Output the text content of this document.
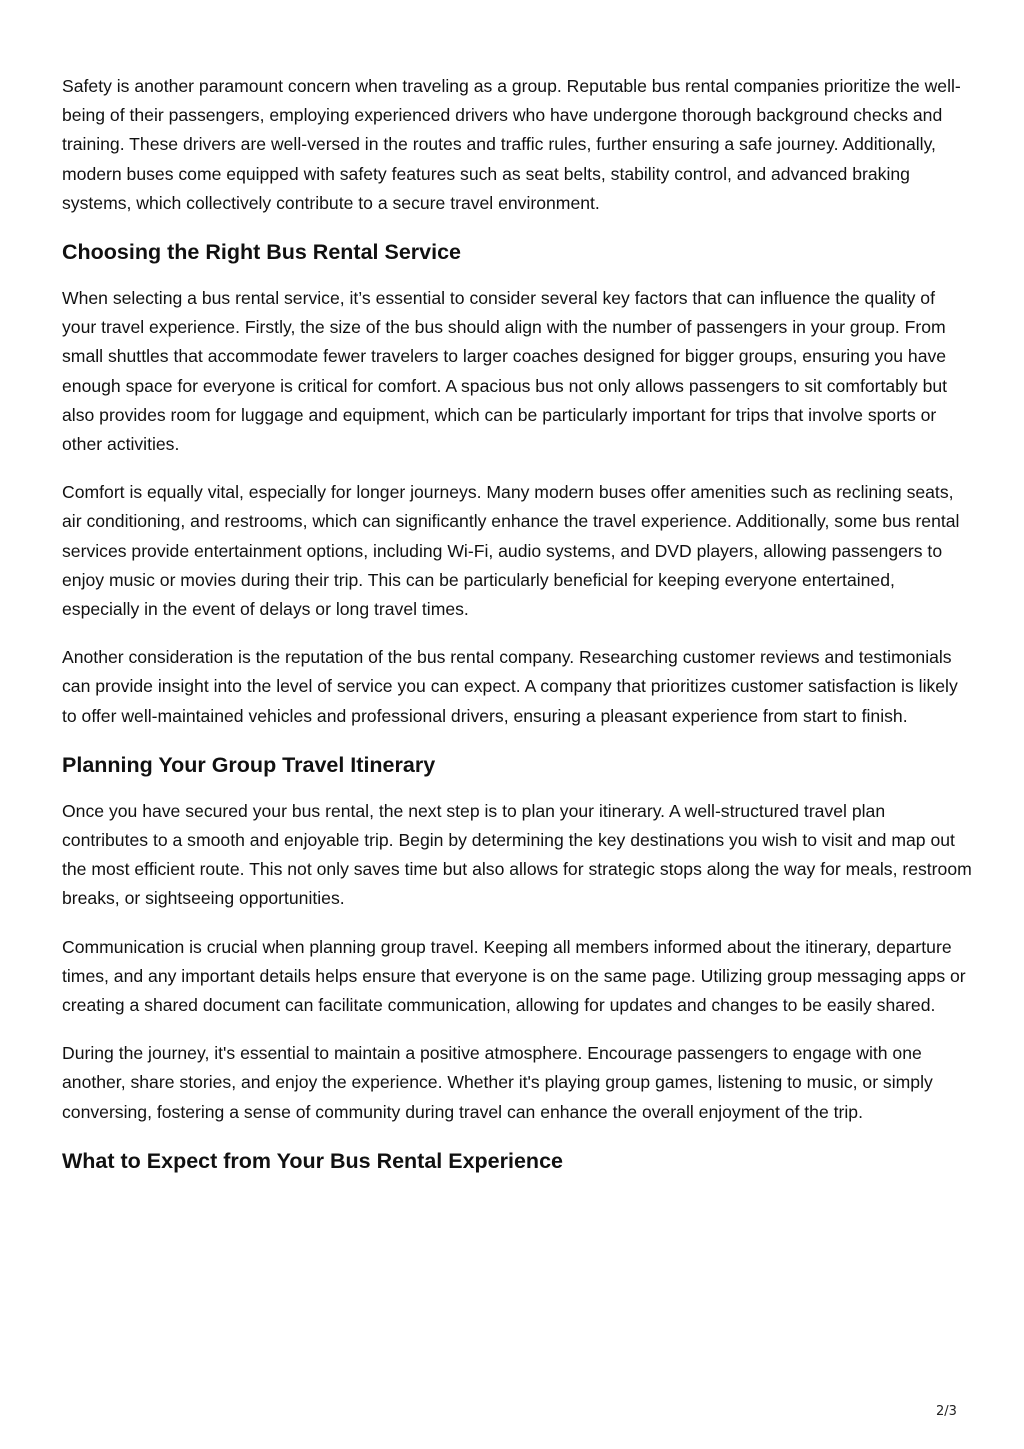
Safety is another paramount concern when traveling as a group. Reputable bus rental companies prioritize the well-being of their passengers, employing experienced drivers who have undergone thorough background checks and training. These drivers are well-versed in the routes and traffic rules, further ensuring a safe journey. Additionally, modern buses come equipped with safety features such as seat belts, stability control, and advanced braking systems, which collectively contribute to a secure travel environment.

Choosing the Right Bus Rental Service

When selecting a bus rental service, it’s essential to consider several key factors that can influence the quality of your travel experience. Firstly, the size of the bus should align with the number of passengers in your group. From small shuttles that accommodate fewer travelers to larger coaches designed for bigger groups, ensuring you have enough space for everyone is critical for comfort. A spacious bus not only allows passengers to sit comfortably but also provides room for luggage and equipment, which can be particularly important for trips that involve sports or other activities.

Comfort is equally vital, especially for longer journeys. Many modern buses offer amenities such as reclining seats, air conditioning, and restrooms, which can significantly enhance the travel experience. Additionally, some bus rental services provide entertainment options, including Wi-Fi, audio systems, and DVD players, allowing passengers to enjoy music or movies during their trip. This can be particularly beneficial for keeping everyone entertained, especially in the event of delays or long travel times.

Another consideration is the reputation of the bus rental company. Researching customer reviews and testimonials can provide insight into the level of service you can expect. A company that prioritizes customer satisfaction is likely to offer well-maintained vehicles and professional drivers, ensuring a pleasant experience from start to finish.

Planning Your Group Travel Itinerary

Once you have secured your bus rental, the next step is to plan your itinerary. A well-structured travel plan contributes to a smooth and enjoyable trip. Begin by determining the key destinations you wish to visit and map out the most efficient route. This not only saves time but also allows for strategic stops along the way for meals, restroom breaks, or sightseeing opportunities.

Communication is crucial when planning group travel. Keeping all members informed about the itinerary, departure times, and any important details helps ensure that everyone is on the same page. Utilizing group messaging apps or creating a shared document can facilitate communication, allowing for updates and changes to be easily shared.

During the journey, it's essential to maintain a positive atmosphere. Encourage passengers to engage with one another, share stories, and enjoy the experience. Whether it's playing group games, listening to music, or simply conversing, fostering a sense of community during travel can enhance the overall enjoyment of the trip.

What to Expect from Your Bus Rental Experience
2/3
